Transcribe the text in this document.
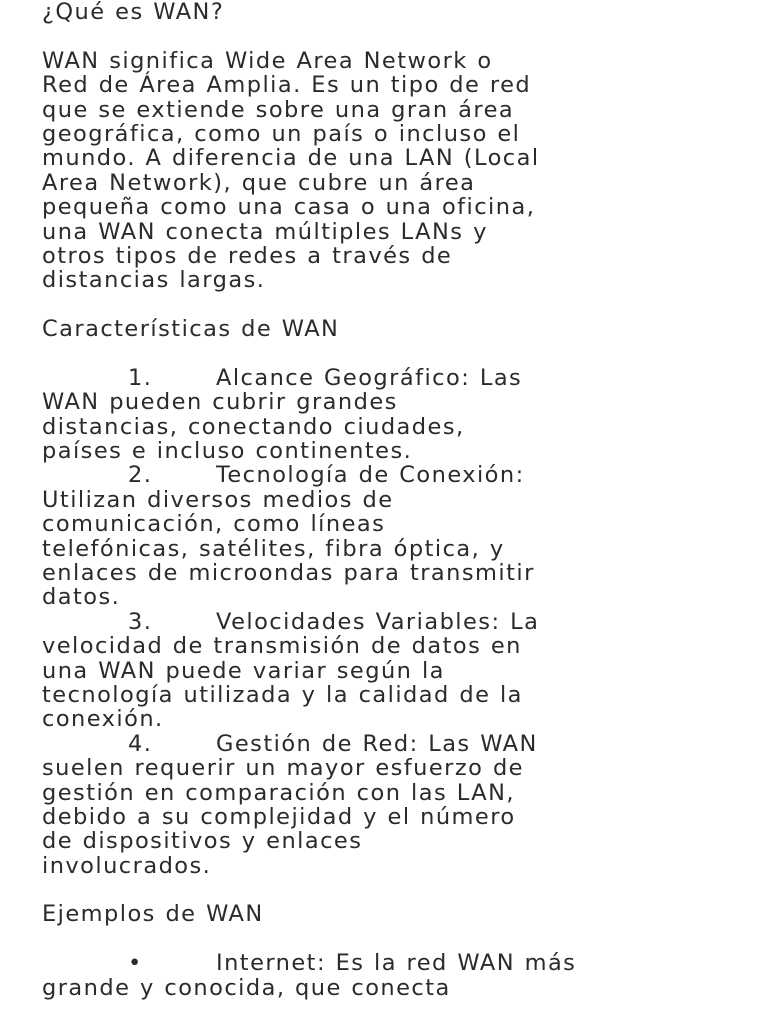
¿Qué es WAN?
WAN significa Wide Area Network o
Red de Área Amplia. Es un tipo de red
que se extiende sobre una gran área
geográfica, como un país o incluso el
mundo. A diferencia de una LAN (Local
Area Network), que cubre un área
pequeña como una casa o una oficina,
una WAN conecta múltiples LANs y
otros tipos de redes a través de
distancias largas.
Características de WAN
1.	Alcance Geográfico: Las
WAN pueden cubrir grandes
distancias, conectando ciudades,
países e incluso continentes.
2.	Tecnología de Conexión:
Utilizan diversos medios de
comunicación, como líneas
telefónicas, satélites, fibra óptica, y
enlaces de microondas para transmitir
datos.
3.	Velocidades Variables: La
velocidad de transmisión de datos en
una WAN puede variar según la
tecnología utilizada y la calidad de la
conexión.
4.	Gestión de Red: Las WAN
suelen requerir un mayor esfuerzo de
gestión en comparación con las LAN,
debido a su complejidad y el número
de dispositivos y enlaces
involucrados.
Ejemplos de WAN
•	Internet: Es la red WAN más
grande y conocida, que conecta
